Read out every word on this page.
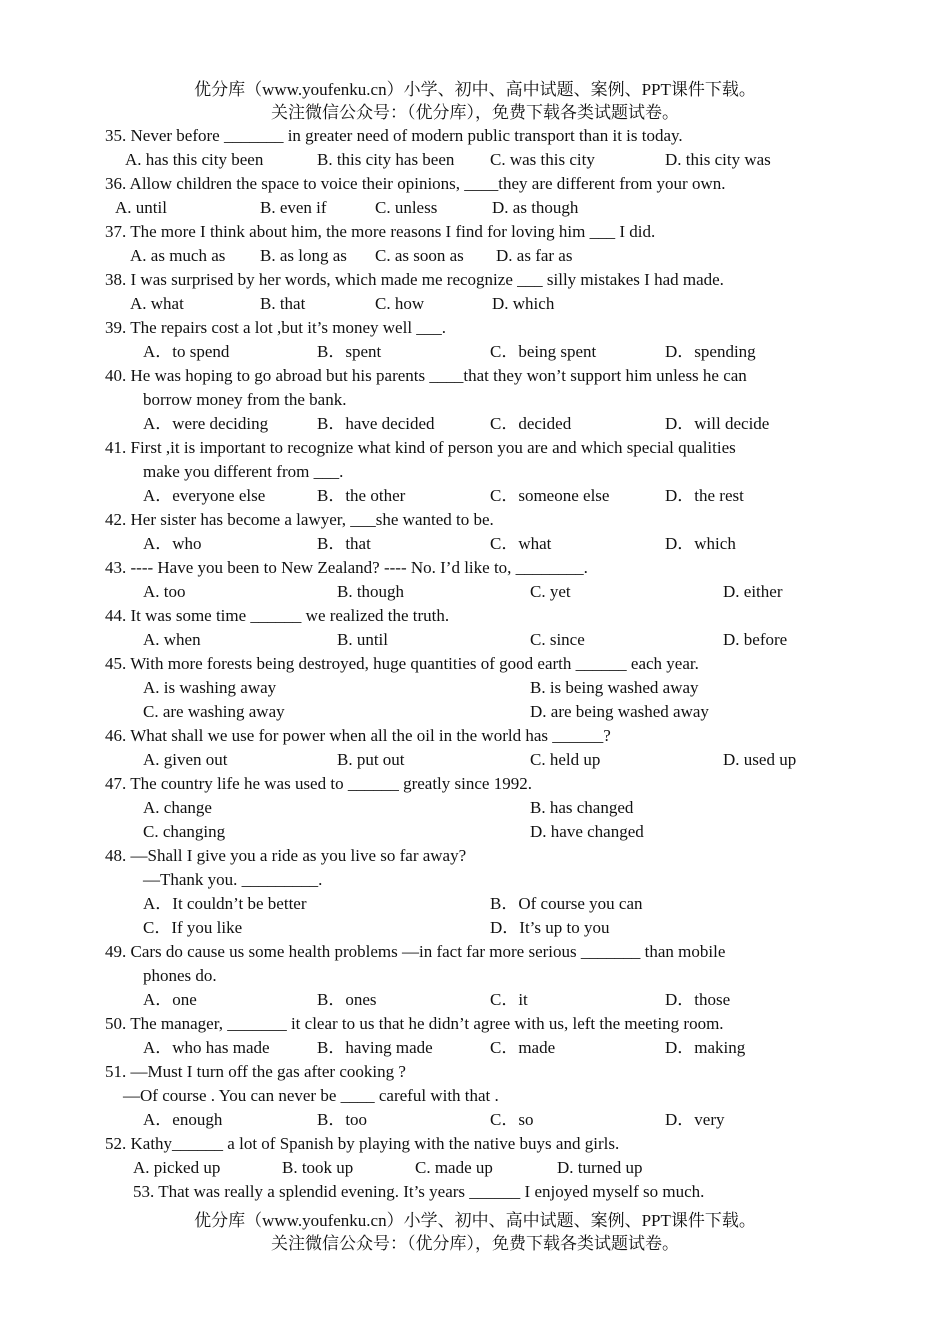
优分库（www.youfenku.cn）小学、初中、高中试题、案例、PPT课件下载。
关注微信公众号：（优分库），免费下载各类试题试卷。
35. Never before _______ in greater need of modern public transport than it is today.
A. has this city been	B. this city has been C. was this city	D. this city was
36. Allow children the space to voice their opinions, ____they are different from your own.
A. until	B. even if	C. unless	D. as though
37. The more I think about him, the more reasons I find for loving him ___ I did.
A. as much as B. as long as C. as soon as D. as far as
38. I was surprised by her words, which made me recognize ___ silly mistakes I had made.
A. what	B. that	C. how	D. which
39. The repairs cost a lot ,but it’s money well ___.
A．to spend	B．spent	C．being spent	D．spending
40. He was hoping to go abroad but his parents ____that they won’t support him unless he can
borrow money from the bank.
A．were deciding	B．have decided	C．decided	D．will decide
41. First ,it is important to recognize what kind of person you are and which special qualities
make you different from ___.
A．everyone else	B．the other	C．someone else	D．the rest
42. Her sister has become a lawyer, ___she wanted to be.
A．who	B．that	C．what	D．which
43. ---- Have you been to New Zealand? ---- No. I’d like to, ________.
A. too	B. though	C. yet	D. either
44. It was some time ______ we realized the truth.
A. when	B. until	C. since	D. before
45. With more forests being destroyed, huge quantities of good earth ______ each year.
A. is washing away	B. is being washed away
C. are washing away	D. are being washed away
46. What shall we use for power when all the oil in the world has ______?
A. given out	B. put out	C. held up	D. used up
47. The country life he was used to ______ greatly since 1992.
A. change	B. has changed
C. changing	D. have changed
48. —Shall I give you a ride as you live so far away?
—Thank you. _________.
A．It couldn’t be better	B．Of course you can
C．If you like	D．It’s up to you
49. Cars do cause us some health problems —in fact far more serious _______ than mobile
phones do.
A．one	B．ones	C．it	D．those
50. The manager, _______ it clear to us that he didn’t agree with us, left the meeting room.
A．who has made	B．having made	C．made	D．making
51. —Must I turn off the gas after cooking ?
—Of course . You can never be ____ careful with that .
A．enough	B．too	C．so	D．very
52. Kathy______ a lot of Spanish by playing with the native buys and girls.
A. picked up	B. took up	C. made up	D. turned up
53. That was really a splendid evening. It’s years ______ I enjoyed myself so much.
优分库（www.youfenku.cn）小学、初中、高中试题、案例、PPT课件下载。
关注微信公众号：（优分库），免费下载各类试题试卷。
